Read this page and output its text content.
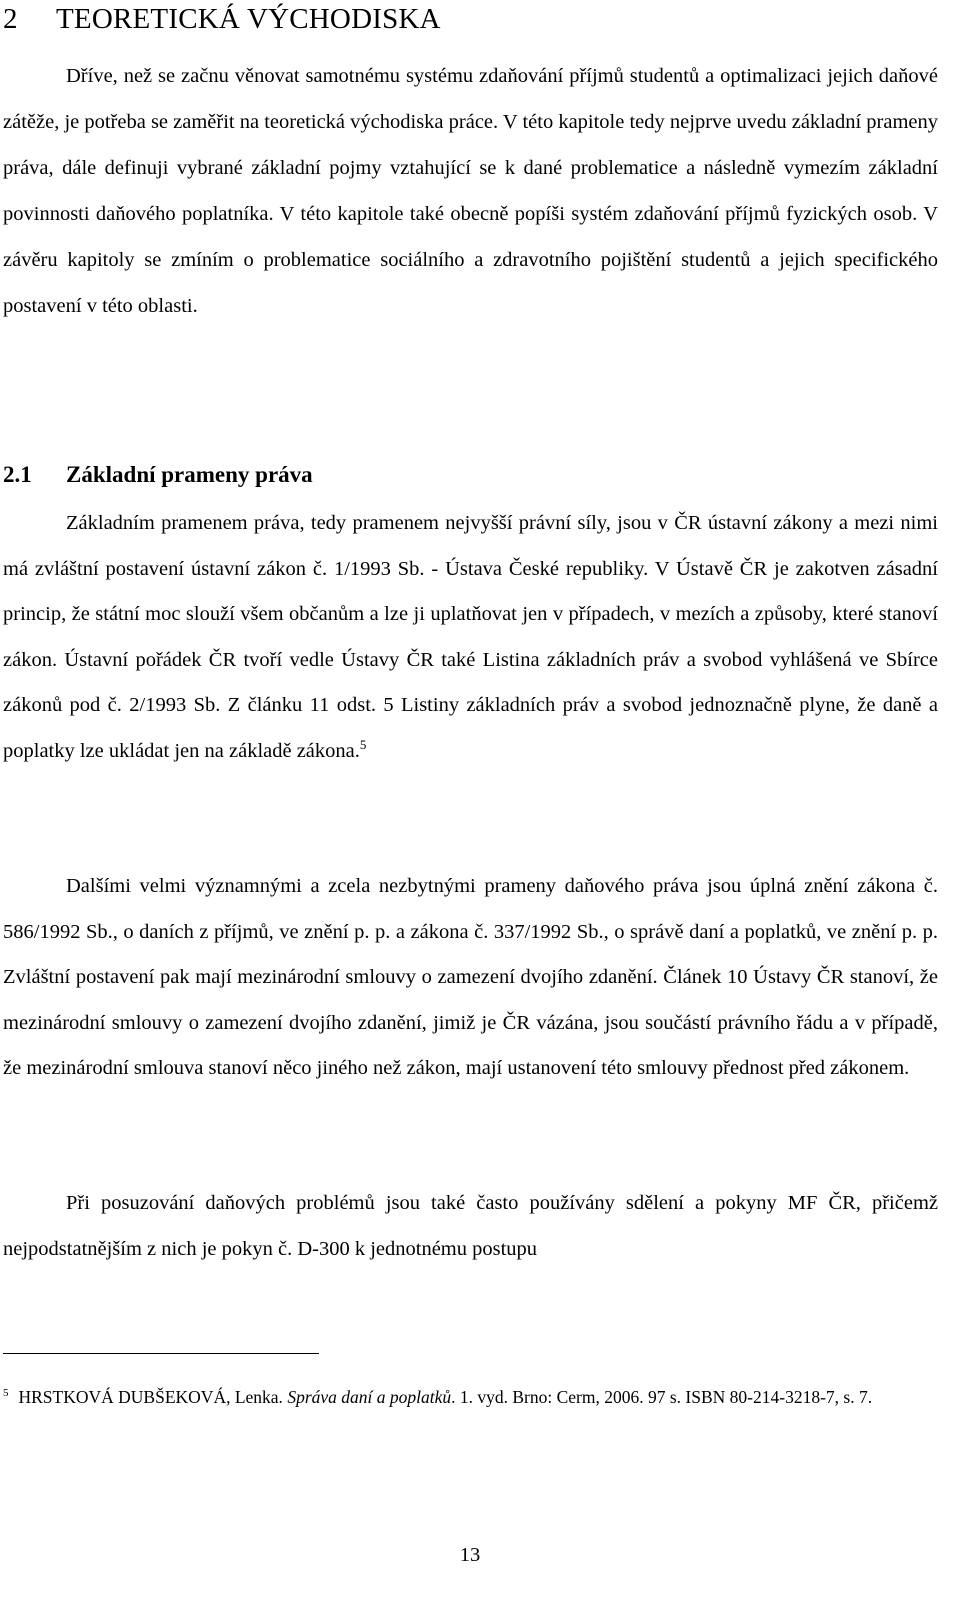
2 TEORETICKÁ VÝCHODISKA

Dříve, než se začnu věnovat samotnému systému zdaňování příjmů studentů a optimalizaci jejich daňové zátěže, je potřeba se zaměřit na teoretická východiska práce. V této kapitole tedy nejprve uvedu základní prameny práva, dále definuji vybrané základní pojmy vztahující se k dané problematice a následně vymezím základní povinnosti daňového poplatníka. V této kapitole také obecně popíši systém zdaňování příjmů fyzických osob. V závěru kapitoly se zmíním o problematice sociálního a zdravotního pojištění studentů a jejich specifického postavení v této oblasti.

2.1 Základní prameny práva

Základním pramenem práva, tedy pramenem nejvyšší právní síly, jsou v ČR ústavní zákony a mezi nimi má zvláštní postavení ústavní zákon č. 1/1993 Sb. - Ústava České republiky. V Ústavě ČR je zakotven zásadní princip, že státní moc slouží všem občanům a lze ji uplatňovat jen v případech, v mezích a způsoby, které stanoví zákon. Ústavní pořádek ČR tvoří vedle Ústavy ČR také Listina základních práv a svobod vyhlášená ve Sbírce zákonů pod č. 2/1993 Sb. Z článku 11 odst. 5 Listiny základních práv a svobod jednoznačně plyne, že daně a poplatky lze ukládat jen na základě zákona.$^5$

Dalšími velmi významnými a zcela nezbytnými prameny daňového práva jsou úplná znění zákona č. 586/1992 Sb., o daních z příjmů, ve znění p. p. a zákona č. 337/1992 Sb., o správě daní a poplatků, ve znění p. p. Zvláštní postavení pak mají mezinárodní smlouvy o zamezení dvojího zdanění. Článek 10 Ústavy ČR stanoví, že mezinárodní smlouvy o zamezení dvojího zdanění, jimiž je ČR vázána, jsou součástí právního řádu a v případě, že mezinárodní smlouva stanoví něco jiného než zákon, mají ustanovení této smlouvy přednost před zákonem.

Při posuzování daňových problémů jsou také často používány sdělení a pokyny MF ČR, přičemž nejpodstatnějším z nich je pokyn č. D-300 k jednotnému postupu

$^5$ HRSTKOVÁ DUBŠEKOVÁ, Lenka. Správa daní a poplatků. 1. vyd. Brno: Cerm, 2006. 97 s. ISBN 80-214-3218-7, s. 7.

13
